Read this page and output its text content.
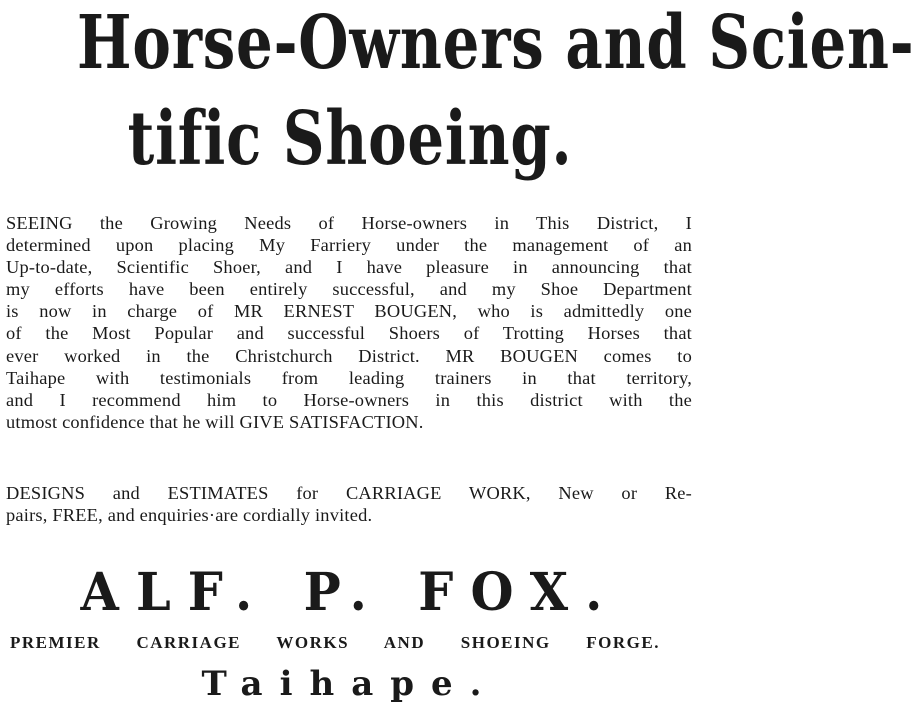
Horse-Owners and Scien-
tific Shoeing.
SEEING the Growing Needs of Horse-owners in This District, I
determined upon placing My Farriery under the management of an
Up-to-date, Scientific Shoer, and I have pleasure in announcing that
my efforts have been entirely successful, and my Shoe Department
is now in charge of MR ERNEST BOUGEN, who is admittedly one
of the Most Popular and successful Shoers of Trotting Horses that
ever worked in the Christchurch District. MR BOUGEN comes to
Taihape with testimonials from leading trainers in that territory,
and I recommend him to Horse-owners in this district with the
utmost confidence that he will GIVE SATISFACTION.
DESIGNS and ESTIMATES for CARRIAGE WORK, New or Re-
pairs, FREE, and enquiries·are cordially invited.
ALF. P. FOX.
PREMIER CARRIAGE WORKS AND SHOEING FORGE.
Taihape.
